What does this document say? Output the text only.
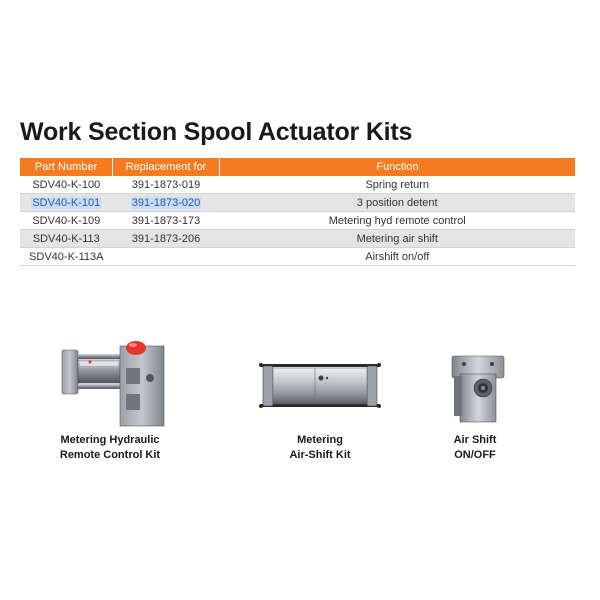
Work Section Spool Actuator Kits
Part Number	Replacement for	Function
SDV40-K-100	391-1873-019	Spring return
SDV40-K-101	391-1873-020	3 position detent
SDV40-K-109	391-1873-173	Metering hyd remote control
SDV40-K-113	391-1873-206	Metering air shift
SDV40-K-113A		Airshift on/off
Metering Hydraulic
Remote Control Kit
Metering
Air-Shift Kit
Air Shift
ON/OFF
